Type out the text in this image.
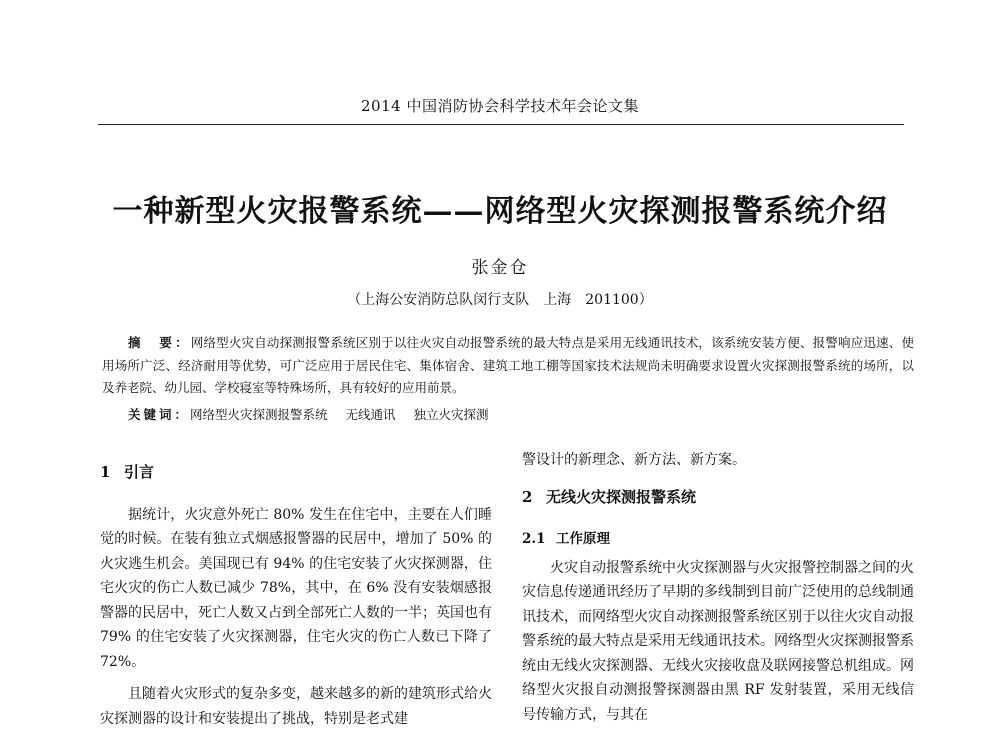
2014 中国消防协会科学技术年会论文集
一种新型火灾报警系统——网络型火灾探测报警系统介绍
张金仓
（上海公安消防总队闵行支队　上海　201100）
摘　要：网络型火灾自动探测报警系统区别于以往火灾自动报警系统的最大特点是采用无线通讯技术，该系统安装方便、报警响应迅速、使用场所广泛、经济耐用等优势，可广泛应用于居民住宅、集体宿舍、建筑工地工棚等国家技术法规尚未明确要求设置火灾探测报警系统的场所，以及养老院、幼儿园、学校寝室等特殊场所，具有较好的应用前景。
关键词：网络型火灾探测报警系统 无线通讯 独立火灾探测
1 引言

据统计，火灾意外死亡 80% 发生在住宅中，主要在人们睡觉的时候。在装有独立式烟感报警器的民居中，增加了 50% 的火灾逃生机会。美国现已有 94% 的住宅安装了火灾探测器，住宅火灾的伤亡人数已减少 78%，其中，在 6% 没有安装烟感报警器的民居中，死亡人数又占到全部死亡人数的一半；英国也有 79% 的住宅安装了火灾探测器，住宅火灾的伤亡人数已下降了 72%。

且随着火灾形式的复杂多变，越来越多的新的建筑形式给火灾探测器的设计和安装提出了挑战，特别是老式建

警设计的新理念、新方法、新方案。

2 无线火灾探测报警系统
2.1 工作原理

火灾自动报警系统中火灾探测器与火灾报警控制器之间的火灾信息传递通讯经历了早期的多线制到目前广泛使用的总线制通讯技术，而网络型火灾自动探测报警系统区别于以往火灾自动报警系统的最大特点是采用无线通讯技术。网络型火灾探测报警系统由无线火灾探测器、无线火灾接收盘及联网接警总机组成。网络型火灾报自动测报警探测器由黑 RF 发射装置，采用无线信号传输方式，与其在
